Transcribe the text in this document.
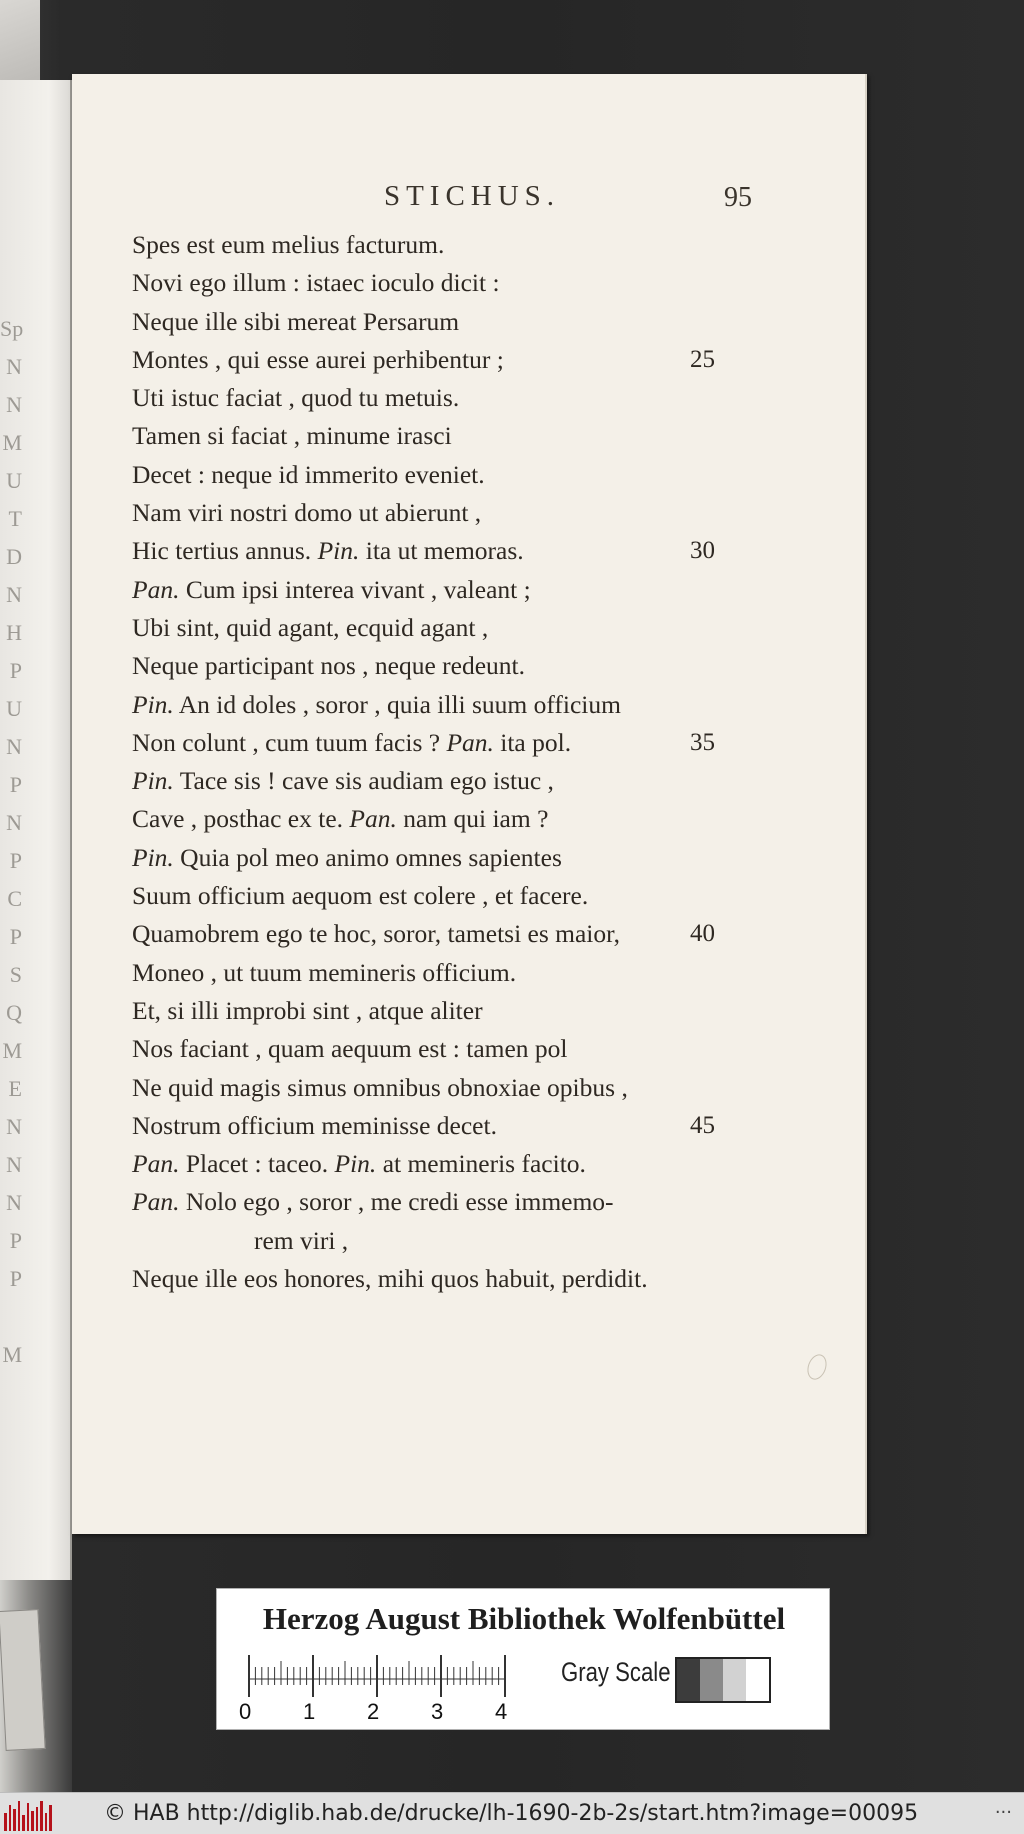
Sp
N
N
M
U
T
D
N
H
P
U
N
P
N
P
C
P
S
Q
M
E
N
N
N
P
P

M
STICHUS.	95
Spes est eum melius facturum.
Novi ego illum : istaec ioculo dicit :
Neque ille sibi mereat Persarum
Montes , qui esse aurei perhibentur ;	25
Uti istuc faciat , quod tu metuis.
Tamen si faciat , minume irasci
Decet : neque id immerito eveniet.
Nam viri nostri domo ut abierunt ,
Hic tertius annus. Pin. ita ut memoras.	30
Pan. Cum ipsi interea vivant , valeant ;
Ubi sint, quid agant, ecquid agant ,
Neque participant nos , neque redeunt.
Pin. An id doles , soror , quia illi suum officium
Non colunt , cum tuum facis ? Pan. ita pol.	35
Pin. Tace sis ! cave sis audiam ego istuc ,
Cave , posthac ex te. Pan. nam qui iam ?
Pin. Quia pol meo animo omnes sapientes
Suum officium aequom est colere , et facere.
Quamobrem ego te hoc, soror, tametsi es maior,	40
Moneo , ut tuum memineris officium.
Et, si illi improbi sint , atque aliter
Nos faciant , quam aequum est : tamen pol
Ne quid magis simus omnibus obnoxiae opibus ,
Nostrum officium meminisse decet.	45
Pan. Placet : taceo. Pin. at memineris facito.
Pan. Nolo ego , soror , me credi esse immemo-
rem viri ,
Neque ille eos honores, mihi quos habuit, perdidit.
Herzog August Bibliothek Wolfenbüttel
0 1 2 3 4
Gray Scale
© HAB http://diglib.hab.de/drucke/lh-1690-2b-2s/start.htm?image=00095	...
